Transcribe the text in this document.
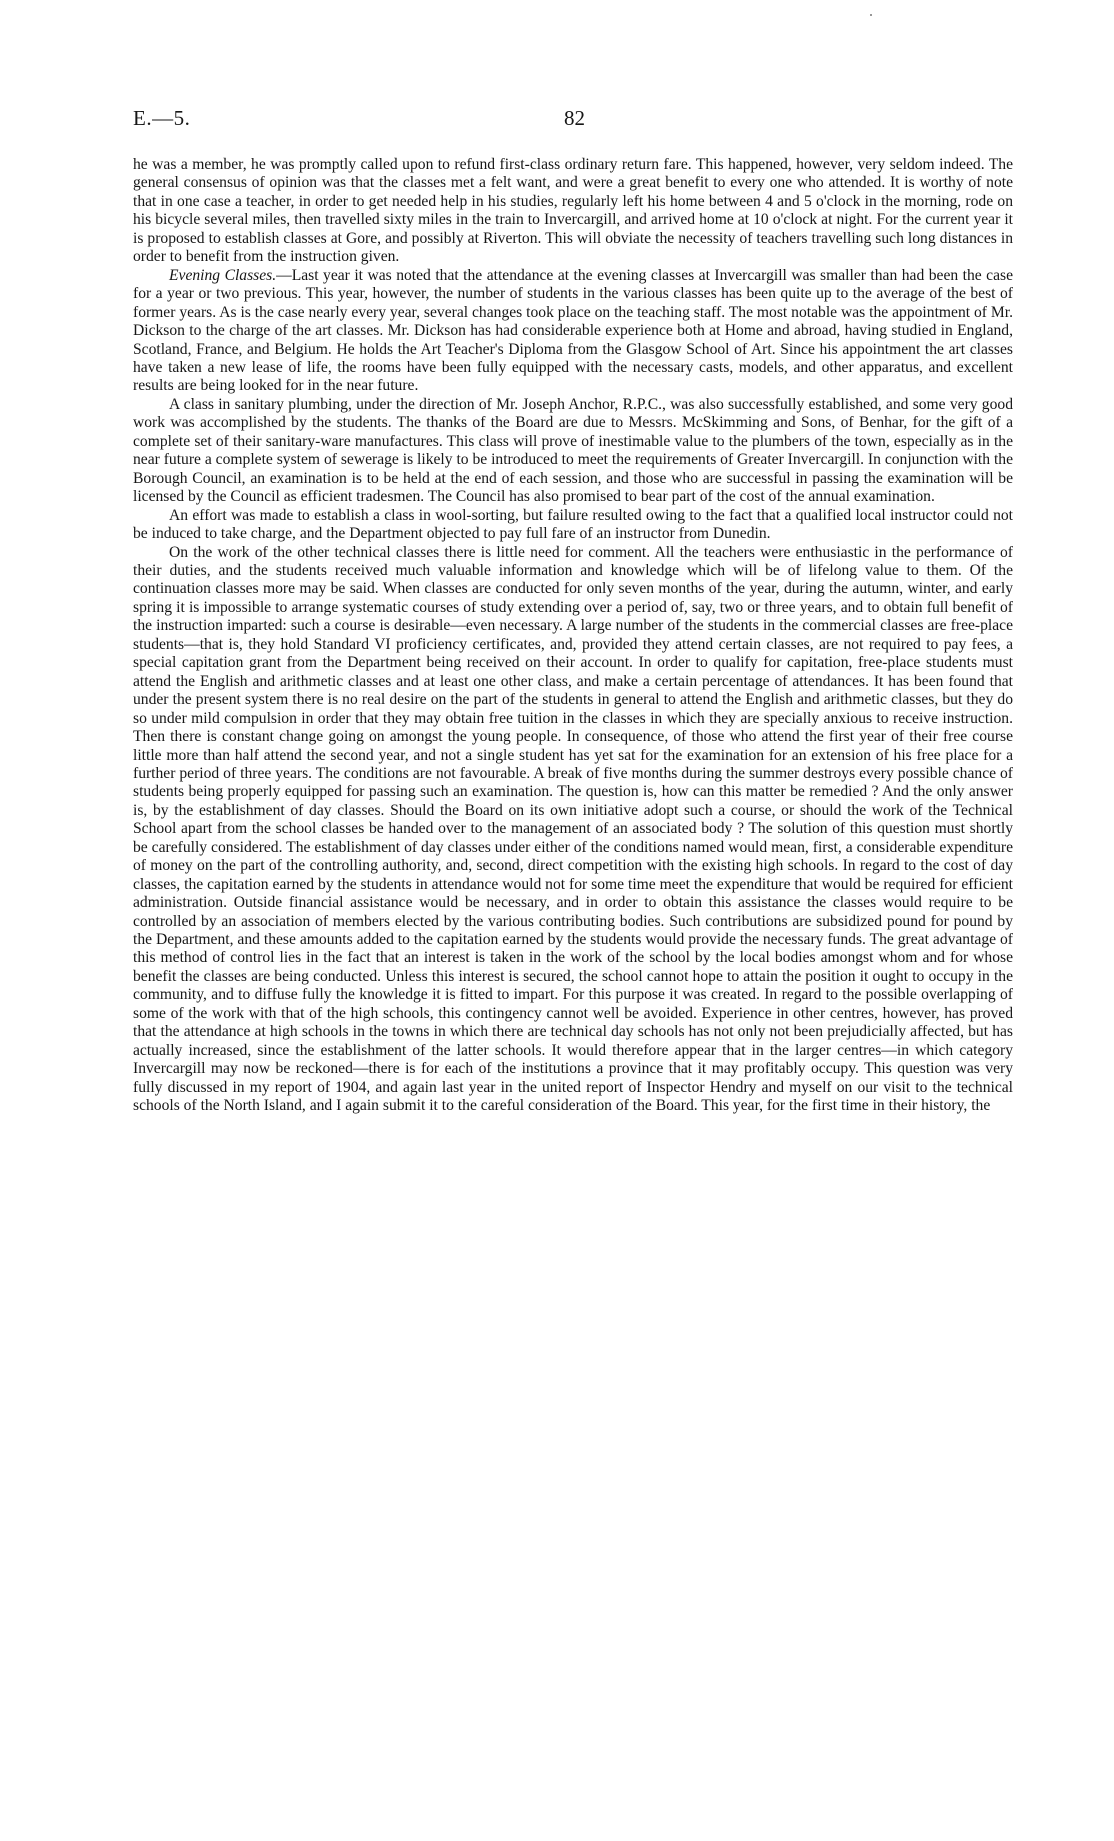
E.—5.	82

he was a member, he was promptly called upon to refund first-class ordinary return fare. This happened, however, very seldom indeed. The general consensus of opinion was that the classes met a felt want, and were a great benefit to every one who attended. It is worthy of note that in one case a teacher, in order to get needed help in his studies, regularly left his home between 4 and 5 o'clock in the morning, rode on his bicycle several miles, then travelled sixty miles in the train to Invercargill, and arrived home at 10 o'clock at night. For the current year it is proposed to establish classes at Gore, and possibly at Riverton. This will obviate the necessity of teachers travelling such long distances in order to benefit from the instruction given.

Evening Classes.—Last year it was noted that the attendance at the evening classes at Invercargill was smaller than had been the case for a year or two previous. This year, however, the number of students in the various classes has been quite up to the average of the best of former years. As is the case nearly every year, several changes took place on the teaching staff. The most notable was the appointment of Mr. Dickson to the charge of the art classes. Mr. Dickson has had considerable experience both at Home and abroad, having studied in England, Scotland, France, and Belgium. He holds the Art Teacher's Diploma from the Glasgow School of Art. Since his appointment the art classes have taken a new lease of life, the rooms have been fully equipped with the necessary casts, models, and other apparatus, and excellent results are being looked for in the near future.

A class in sanitary plumbing, under the direction of Mr. Joseph Anchor, R.P.C., was also successfully established, and some very good work was accomplished by the students. The thanks of the Board are due to Messrs. McSkimming and Sons, of Benhar, for the gift of a complete set of their sanitary-ware manufactures. This class will prove of inestimable value to the plumbers of the town, especially as in the near future a complete system of sewerage is likely to be introduced to meet the requirements of Greater Invercargill. In conjunction with the Borough Council, an examination is to be held at the end of each session, and those who are successful in passing the examination will be licensed by the Council as efficient tradesmen. The Council has also promised to bear part of the cost of the annual examination.

An effort was made to establish a class in wool-sorting, but failure resulted owing to the fact that a qualified local instructor could not be induced to take charge, and the Department objected to pay full fare of an instructor from Dunedin.

On the work of the other technical classes there is little need for comment. All the teachers were enthusiastic in the performance of their duties, and the students received much valuable information and knowledge which will be of lifelong value to them. Of the continuation classes more may be said. When classes are conducted for only seven months of the year, during the autumn, winter, and early spring it is impossible to arrange systematic courses of study extending over a period of, say, two or three years, and to obtain full benefit of the instruction imparted: such a course is desirable—even necessary. A large number of the students in the commercial classes are free-place students—that is, they hold Standard VI proficiency certificates, and, provided they attend certain classes, are not required to pay fees, a special capitation grant from the Department being received on their account. In order to qualify for capitation, free-place students must attend the English and arithmetic classes and at least one other class, and make a certain percentage of attendances. It has been found that under the present system there is no real desire on the part of the students in general to attend the English and arithmetic classes, but they do so under mild compulsion in order that they may obtain free tuition in the classes in which they are specially anxious to receive instruction. Then there is constant change going on amongst the young people. In consequence, of those who attend the first year of their free course little more than half attend the second year, and not a single student has yet sat for the examination for an extension of his free place for a further period of three years. The conditions are not favourable. A break of five months during the summer destroys every possible chance of students being properly equipped for passing such an examination. The question is, how can this matter be remedied ? And the only answer is, by the establishment of day classes. Should the Board on its own initiative adopt such a course, or should the work of the Technical School apart from the school classes be handed over to the management of an associated body ? The solution of this question must shortly be carefully considered. The establishment of day classes under either of the conditions named would mean, first, a considerable expenditure of money on the part of the controlling authority, and, second, direct competition with the existing high schools. In regard to the cost of day classes, the capitation earned by the students in attendance would not for some time meet the expenditure that would be required for efficient administration. Outside financial assistance would be necessary, and in order to obtain this assistance the classes would require to be controlled by an association of members elected by the various contributing bodies. Such contributions are subsidized pound for pound by the Department, and these amounts added to the capitation earned by the students would provide the necessary funds. The great advantage of this method of control lies in the fact that an interest is taken in the work of the school by the local bodies amongst whom and for whose benefit the classes are being conducted. Unless this interest is secured, the school cannot hope to attain the position it ought to occupy in the community, and to diffuse fully the knowledge it is fitted to impart. For this purpose it was created. In regard to the possible overlapping of some of the work with that of the high schools, this contingency cannot well be avoided. Experience in other centres, however, has proved that the attendance at high schools in the towns in which there are technical day schools has not only not been prejudicially affected, but has actually increased, since the establishment of the latter schools. It would therefore appear that in the larger centres—in which category Invercargill may now be reckoned—there is for each of the institutions a province that it may profitably occupy. This question was very fully discussed in my report of 1904, and again last year in the united report of Inspector Hendry and myself on our visit to the technical schools of the North Island, and I again submit it to the careful consideration of the Board. This year, for the first time in their history, the
